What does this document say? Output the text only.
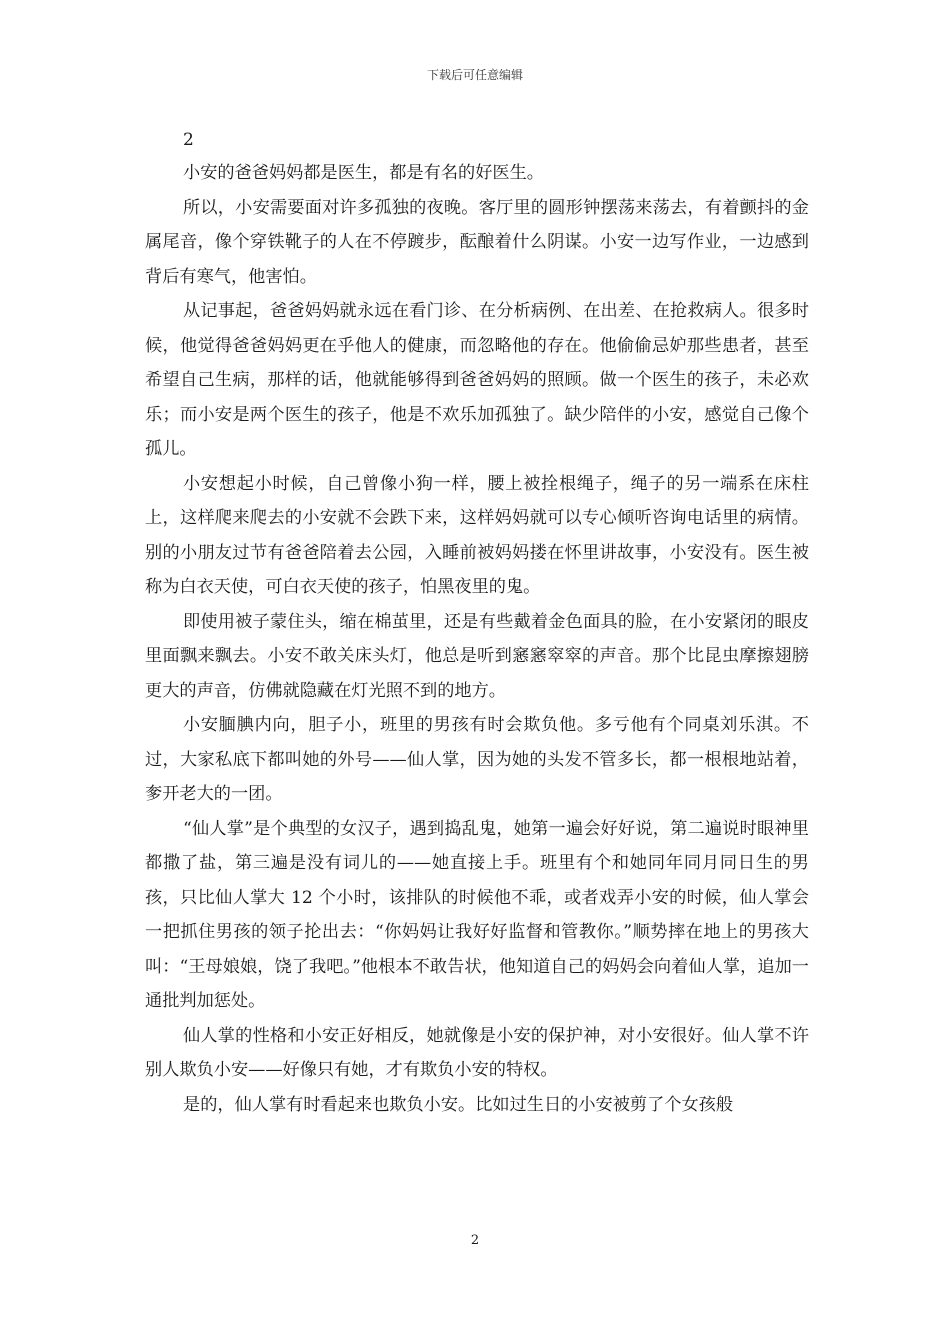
下载后可任意编辑

2

小安的爸爸妈妈都是医生，都是有名的好医生。

所以，小安需要面对许多孤独的夜晚。客厅里的圆形钟摆荡来荡去，有着颤抖的金属尾音，像个穿铁靴子的人在不停踱步，酝酿着什么阴谋。小安一边写作业，一边感到背后有寒气，他害怕。

从记事起，爸爸妈妈就永远在看门诊、在分析病例、在出差、在抢救病人。很多时候，他觉得爸爸妈妈更在乎他人的健康，而忽略他的存在。他偷偷忌妒那些患者，甚至希望自己生病，那样的话，他就能够得到爸爸妈妈的照顾。做一个医生的孩子，未必欢乐；而小安是两个医生的孩子，他是不欢乐加孤独了。缺少陪伴的小安，感觉自己像个孤儿。

小安想起小时候，自己曾像小狗一样，腰上被拴根绳子，绳子的另一端系在床柱上，这样爬来爬去的小安就不会跌下来，这样妈妈就可以专心倾听咨询电话里的病情。别的小朋友过节有爸爸陪着去公园，入睡前被妈妈搂在怀里讲故事，小安没有。医生被称为白衣天使，可白衣天使的孩子，怕黑夜里的鬼。

即使用被子蒙住头，缩在棉茧里，还是有些戴着金色面具的脸，在小安紧闭的眼皮里面飘来飘去。小安不敢关床头灯，他总是听到窸窸窣窣的声音。那个比昆虫摩擦翅膀更大的声音，仿佛就隐藏在灯光照不到的地方。

小安腼腆内向，胆子小，班里的男孩有时会欺负他。多亏他有个同桌刘乐淇。不过，大家私底下都叫她的外号——仙人掌，因为她的头发不管多长，都一根根地站着，奓开老大的一团。

“仙人掌”是个典型的女汉子，遇到捣乱鬼，她第一遍会好好说，第二遍说时眼神里都撒了盐，第三遍是没有词儿的——她直接上手。班里有个和她同年同月同日生的男孩，只比仙人掌大 12 个小时，该排队的时候他不乖，或者戏弄小安的时候，仙人掌会一把抓住男孩的领子抡出去：“你妈妈让我好好监督和管教你。”顺势摔在地上的男孩大叫：“王母娘娘，饶了我吧。”他根本不敢告状，他知道自己的妈妈会向着仙人掌，追加一通批判加惩处。

仙人掌的性格和小安正好相反，她就像是小安的保护神，对小安很好。仙人掌不许别人欺负小安——好像只有她，才有欺负小安的特权。

是的，仙人掌有时看起来也欺负小安。比如过生日的小安被剪了个女孩般

2
